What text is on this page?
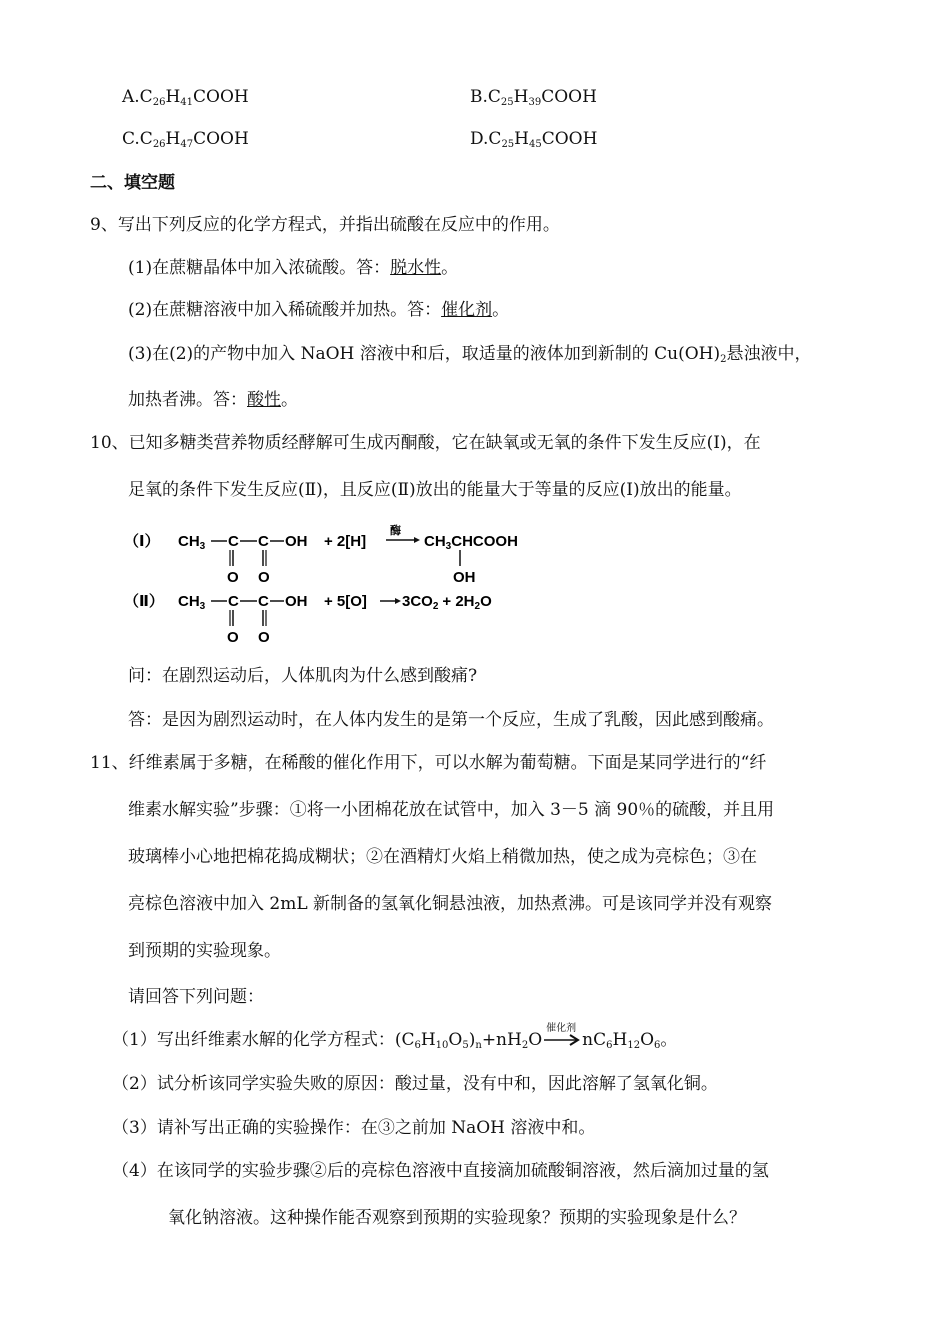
$A.C_{26}H_{41}COOH$	$B.C_{25}H_{39}COOH$
$C.C_{26}H_{47}COOH$	$D.C_{25}H_{45}COOH$
二、填空题
9、写出下列反应的化学方程式，并指出硫酸在反应中的作用。
(1)在蔗糖晶体中加入浓硫酸。答：脱水性。
(2)在蔗糖溶液中加入稀硫酸并加热。答：催化剂。
(3)在(2)的产物中加入 NaOH 溶液中和后，取适量的液体加到新制的 $Cu(OH)_2$悬浊液中，
加热者沸。答：酸性。
10、已知多糖类营养物质经酵解可生成丙酮酸，它在缺氧或无氧的条件下发生反应(I)，在
足氧的条件下发生反应(Ⅱ)，且反应(Ⅱ)放出的能量大于等量的反应(I)放出的能量。
（Ⅰ） $CH_3$ C C OH
O O
+ 2[H]
酶
$CH_3CHCOOH$
OH
（Ⅱ） $CH_3$ C C OH
O O
+ 5[O] $3CO_2 + 2H_2O$
问：在剧烈运动后，人体肌肉为什么感到酸痛?
答：是因为剧烈运动时，在人体内发生的是第一个反应，生成了乳酸，因此感到酸痛。
11、纤维素属于多糖，在稀酸的催化作用下，可以水解为葡萄糖。下面是某同学进行的“纤
维素水解实验”步骤：①将一小团棉花放在试管中，加入 3－5 滴 90％的硫酸，并且用
玻璃棒小心地把棉花捣成糊状；②在酒精灯火焰上稍微加热，使之成为亮棕色；③在
亮棕色溶液中加入 2mL 新制备的氢氧化铜悬浊液，加热煮沸。可是该同学并没有观察
到预期的实验现象。
请回答下列问题：
（1）写出纤维素水解的化学方程式：$(C_6H_{10}O_5)_n+nH_2O$
催化剂
$nC_6H_{12}O_6$。
（2）试分析该同学实验失败的原因：酸过量，没有中和，因此溶解了氢氧化铜。
（3）请补写出正确的实验操作：在③之前加 NaOH 溶液中和。
（4）在该同学的实验步骤②后的亮棕色溶液中直接滴加硫酸铜溶液，然后滴加过量的氢
氧化钠溶液。这种操作能否观察到预期的实验现象？预期的实验现象是什么？
